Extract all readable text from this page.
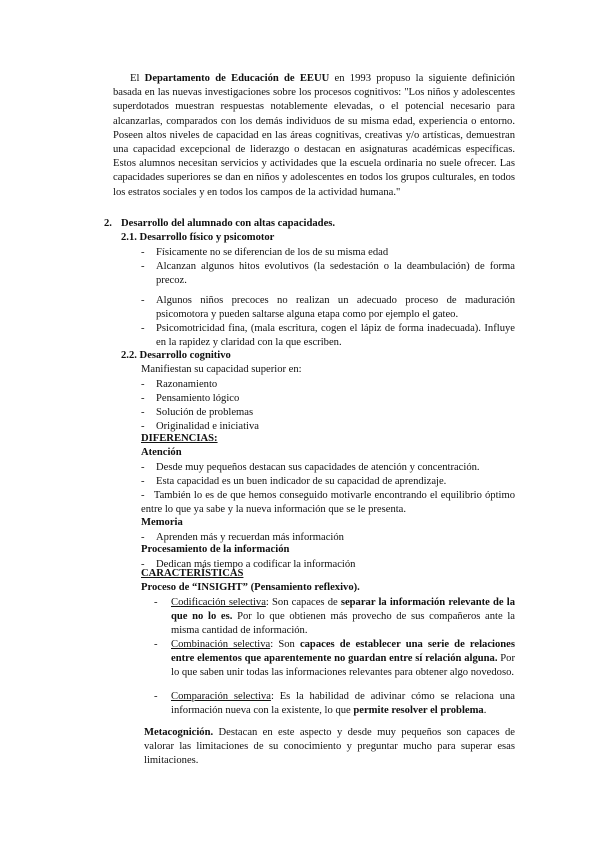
El Departamento de Educación de EEUU en 1993 propuso la siguiente definición basada en las nuevas investigaciones sobre los procesos cognitivos: "Los niños y adolescentes superdotados muestran respuestas notablemente elevadas, o el potencial necesario para alcanzarlas, comparados con los demás individuos de su misma edad, experiencia o entorno. Poseen altos niveles de capacidad en las áreas cognitivas, creativas y/o artísticas, demuestran una capacidad excepcional de liderazgo o destacan en asignaturas académicas específicas. Estos alumnos necesitan servicios y actividades que la escuela ordinaria no suele ofrecer. Las capacidades superiores se dan en niños y adolescentes en todos los grupos culturales, en todos los estratos sociales y en todos los campos de la actividad humana."
2. Desarrollo del alumnado con altas capacidades.
2.1. Desarrollo físico y psicomotor
- Físicamente no se diferencian de los de su misma edad
- Alcanzan algunos hitos evolutivos (la sedestación o la deambulación) de forma precoz.
- Algunos niños precoces no realizan un adecuado proceso de maduración psicomotora y pueden saltarse alguna etapa como por ejemplo el gateo.
- Psicomotricidad fina, (mala escritura, cogen el lápiz de forma inadecuada). Influye en la rapidez y claridad con la que escriben.
2.2. Desarrollo cognitivo
Manifiestan su capacidad superior en:
- Razonamiento
- Pensamiento lógico
- Solución de problemas
- Originalidad e iniciativa
DIFERENCIAS:
Atención
- Desde muy pequeños destacan sus capacidades de atención y concentración.
- Esta capacidad es un buen indicador de su capacidad de aprendizaje.
- También lo es de que hemos conseguido motivarle encontrando el equilibrio óptimo entre lo que ya sabe y la nueva información que se le presenta.
Memoria
- Aprenden más y recuerdan más información
Procesamiento de la información
- Dedican más tiempo a codificar la información
CARACTERÍSTICAS
Proceso de “INSIGHT” (Pensamiento reflexivo).
- Codificación selectiva: Son capaces de separar la información relevante de la que no lo es. Por lo que obtienen más provecho de sus compañeros ante la misma cantidad de información.
- Combinación selectiva: Son capaces de establecer una serie de relaciones entre elementos que aparentemente no guardan entre sí relación alguna. Por lo que saben unir todas las informaciones relevantes para obtener algo novedoso.
- Comparación selectiva: Es la habilidad de adivinar cómo se relaciona una información nueva con la existente, lo que permite resolver el problema.
Metacognición. Destacan en este aspecto y desde muy pequeños son capaces de valorar las limitaciones de su conocimiento y preguntar mucho para superar esas limitaciones.
